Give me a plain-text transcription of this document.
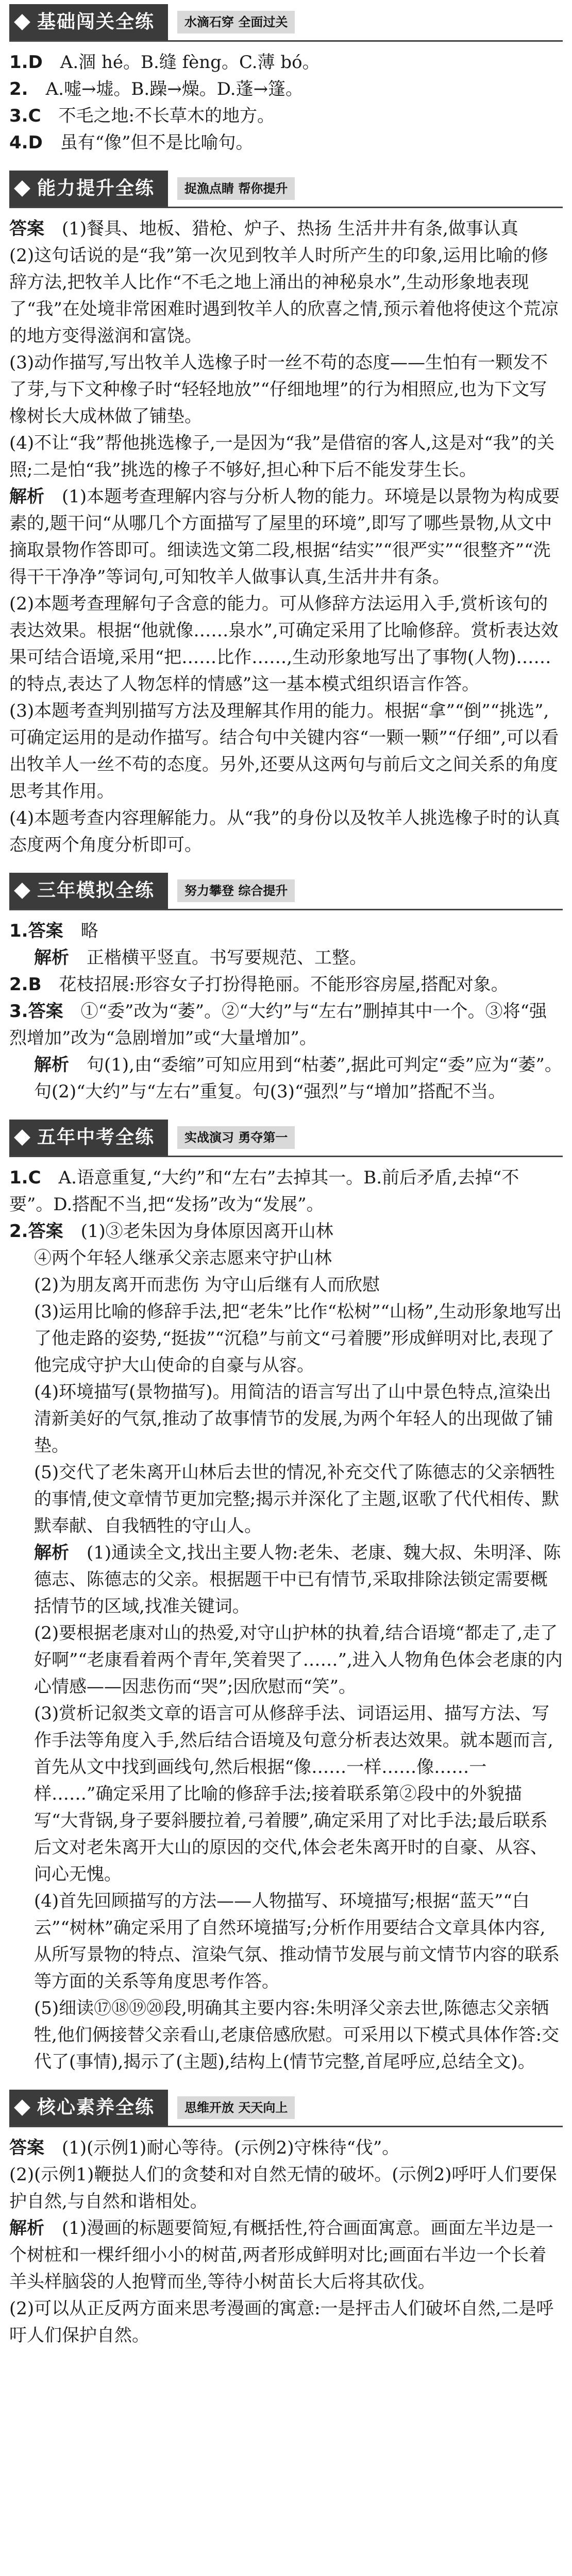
基础闯关全练	水滴石穿 全面过关

1.D  A.涸 hé。B.缝 fèng。C.薄 bó。

2.  A.嘘→墟。B.躁→燥。D.蓬→篷。

3.C  不毛之地:不长草木的地方。

4.D  虽有“像”但不是比喻句。

能力提升全练	捉漁点睛 帮你提升

答案  (1)餐具、地板、猎枪、炉子、热扬 生活井井有条,做事认真

(2)这句话说的是“我”第一次见到牧羊人时所产生的印象,运用比喻的修辞方法,把牧羊人比作“不毛之地上涌出的神秘泉水”,生动形象地表现了“我”在处境非常困难时遇到牧羊人的欣喜之情,预示着他将使这个荒凉的地方变得滋润和富饶。

(3)动作描写,写出牧羊人选橡子时一丝不苟的态度——生怕有一颗发不了芽,与下文种橡子时“轻轻地放”“仔细地埋”的行为相照应,也为下文写橡树长大成林做了铺垫。

(4)不让“我”帮他挑选橡子,一是因为“我”是借宿的客人,这是对“我”的关照;二是怕“我”挑选的橡子不够好,担心种下后不能发芽生长。

解析  (1)本题考查理解内容与分析人物的能力。环境是以景物为构成要素的,题干问“从哪几个方面描写了屋里的环境”,即写了哪些景物,从文中摘取景物作答即可。细读选文第二段,根据“结实”“很严实”“很整齐”“洗得干干净净”等词句,可知牧羊人做事认真,生活井井有条。

(2)本题考查理解句子含意的能力。可从修辞方法运用入手,赏析该句的表达效果。根据“他就像……泉水”,可确定采用了比喻修辞。赏析表达效果可结合语境,采用“把……比作……,生动形象地写出了事物(人物)……的特点,表达了人物怎样的情感”这一基本模式组织语言作答。

(3)本题考查判别描写方法及理解其作用的能力。根据“拿”“倒”“挑选”,可确定运用的是动作描写。结合句中关键内容“一颗一颗”“仔细”,可以看出牧羊人一丝不苟的态度。另外,还要从这两句与前后文之间关系的角度思考其作用。

(4)本题考查内容理解能力。从“我”的身份以及牧羊人挑选橡子时的认真态度两个角度分析即可。

三年模拟全练	努力攀登 综合提升

1.答案  略

解析  正楷横平竖直。书写要规范、工整。

2.B  花枝招展:形容女子打扮得艳丽。不能形容房屋,搭配对象。

3.答案  ①“委”改为“萎”。②“大约”与“左右”删掉其中一个。③将“强烈增加”改为“急剧增加”或“大量增加”。

解析  句(1),由“委缩”可知应用到“枯萎”,据此可判定“委”应为“萎”。句(2)“大约”与“左右”重复。句(3)“强烈”与“增加”搭配不当。

五年中考全练	实战演习 勇夺第一

1.C  A.语意重复,“大约”和“左右”去掉其一。B.前后矛盾,去掉“不要”。D.搭配不当,把“发扬”改为“发展”。

2.答案  (1)③老朱因为身体原因离开山林

④两个年轻人继承父亲志愿来守护山林

(2)为朋友离开而悲伤 为守山后继有人而欣慰

(3)运用比喻的修辞手法,把“老朱”比作“松树”“山杨”,生动形象地写出了他走路的姿势,“挺拔”“沉稳”与前文“弓着腰”形成鲜明对比,表现了他完成守护大山使命的自豪与从容。

(4)环境描写(景物描写)。用简洁的语言写出了山中景色特点,渲染出清新美好的气氛,推动了故事情节的发展,为两个年轻人的出现做了铺垫。

(5)交代了老朱离开山林后去世的情况,补充交代了陈德志的父亲牺牲的事情,使文章情节更加完整;揭示并深化了主题,讴歌了代代相传、默默奉献、自我牺牲的守山人。

解析  (1)通读全文,找出主要人物:老朱、老康、魏大叔、朱明泽、陈德志、陈德志的父亲。根据题干中已有情节,采取排除法锁定需要概括情节的区域,找准关键词。

(2)要根据老康对山的热爱,对守山护林的执着,结合语境“都走了,走了好啊”“老康看着两个青年,笑着哭了……”,进入人物角色体会老康的内心情感——因悲伤而“哭”;因欣慰而“笑”。

(3)赏析记叙类文章的语言可从修辞手法、词语运用、描写方法、写作手法等角度入手,然后结合语境及句意分析表达效果。就本题而言,首先从文中找到画线句,然后根据“像……一样……像……一样……”确定采用了比喻的修辞手法;接着联系第②段中的外貌描写“大背锅,身子要斜腰拉着,弓着腰”,确定采用了对比手法;最后联系后文对老朱离开大山的原因的交代,体会老朱离开时的自豪、从容、问心无愧。

(4)首先回顾描写的方法——人物描写、环境描写;根据“蓝天”“白云”“树林”确定采用了自然环境描写;分析作用要结合文章具体内容,从所写景物的特点、渲染气氛、推动情节发展与前文情节内容的联系等方面的关系等角度思考作答。

(5)细读⑰⑱⑲⑳段,明确其主要内容:朱明泽父亲去世,陈德志父亲牺牲,他们俩接替父亲看山,老康倍感欣慰。可采用以下模式具体作答:交代了(事情),揭示了(主题),结构上(情节完整,首尾呼应,总结全文)。

核心素养全练	思维开放 天天向上

答案  (1)(示例1)耐心等待。(示例2)守株待“伐”。

(2)(示例1)鞭挞人们的贪婪和对自然无情的破坏。(示例2)呼吁人们要保护自然,与自然和谐相处。

解析  (1)漫画的标题要简短,有概括性,符合画面寓意。画面左半边是一个树桩和一棵纤细小小的树苗,两者形成鲜明对比;画面右半边一个长着羊头样脑袋的人抱臂而坐,等待小树苗长大后将其砍伐。

(2)可以从正反两方面来思考漫画的寓意:一是抨击人们破坏自然,二是呼吁人们保护自然。
